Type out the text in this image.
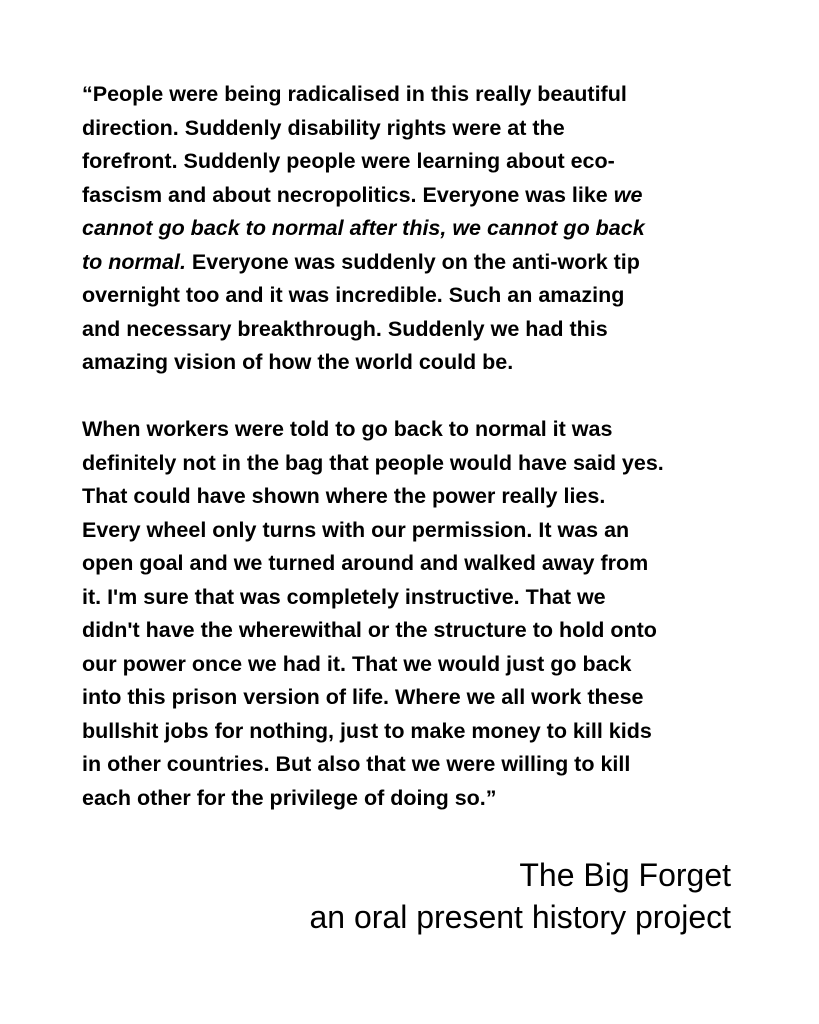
“People were being radicalised in this really beautiful
direction. Suddenly disability rights were at the
forefront. Suddenly people were learning about eco-
fascism and about necropolitics. Everyone was like we
cannot go back to normal after this, we cannot go back
to normal. Everyone was suddenly on the anti-work tip
overnight too and it was incredible. Such an amazing
and necessary breakthrough. Suddenly we had this
amazing vision of how the world could be.

When workers were told to go back to normal it was
definitely not in the bag that people would have said yes.
That could have shown where the power really lies.
Every wheel only turns with our permission. It was an
open goal and we turned around and walked away from
it. I'm sure that was completely instructive. That we
didn't have the wherewithal or the structure to hold onto
our power once we had it. That we would just go back
into this prison version of life. Where we all work these
bullshit jobs for nothing, just to make money to kill kids
in other countries. But also that we were willing to kill
each other for the privilege of doing so.”

The Big Forget
an oral present history project
